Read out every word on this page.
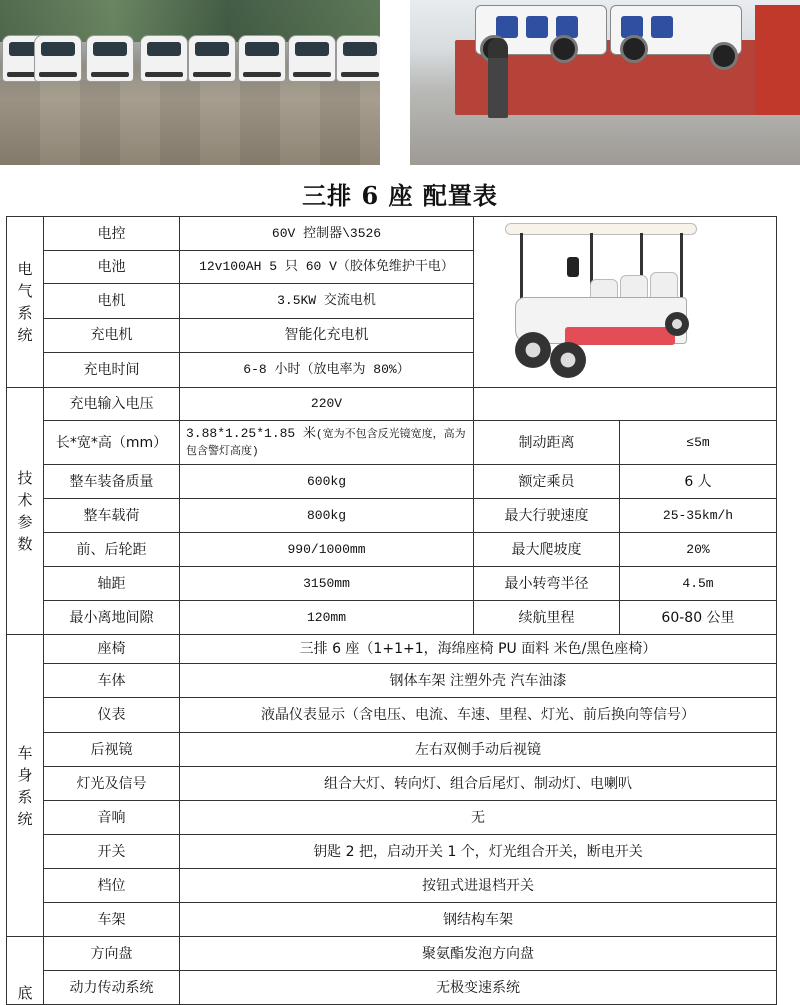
三排 6 座 配置表
电气系统	电控	60V 控制器\3526		

	电池	12v100AH 5 只 60 V（胶体免维护干电）		
	电机	3.5KW 交流电机		
	充电机	智能化充电机		
	充电时间	6-8 小时（放电率为 80%）		
技术参数	充电输入电压	220V		
	长*宽*高（mm）	3.88*1.25*1.85 米(宽为不包含反光镜宽度，高为包含警灯高度)	制动距离	≤5m
	整车装备质量	600kg	额定乘员	6 人
	整车载荷	800kg	最大行驶速度	25-35km/h
	前、后轮距	990/1000mm	最大爬坡度	20%
	轴距	3150mm	最小转弯半径	4.5m
	最小离地间隙	120mm	续航里程	60-80 公里
车身系统	座椅	三排 6 座（1+1+1，海绵座椅 PU 面料 米色/黑色座椅）		
	车体	钢体车架 注塑外壳 汽车油漆		
	仪表	液晶仪表显示（含电压、电流、车速、里程、灯光、前后换向等信号）		
	后视镜	左右双侧手动后视镜		
	灯光及信号	组合大灯、转向灯、组合后尾灯、制动灯、电喇叭		
	音响	无		
	开关	钥匙 2 把，启动开关 1 个，灯光组合开关，断电开关		
	档位	按钮式进退档开关		
	车架	钢结构车架		
底	方向盘	聚氨酯发泡方向盘		
	动力传动系统	无极变速系统		
